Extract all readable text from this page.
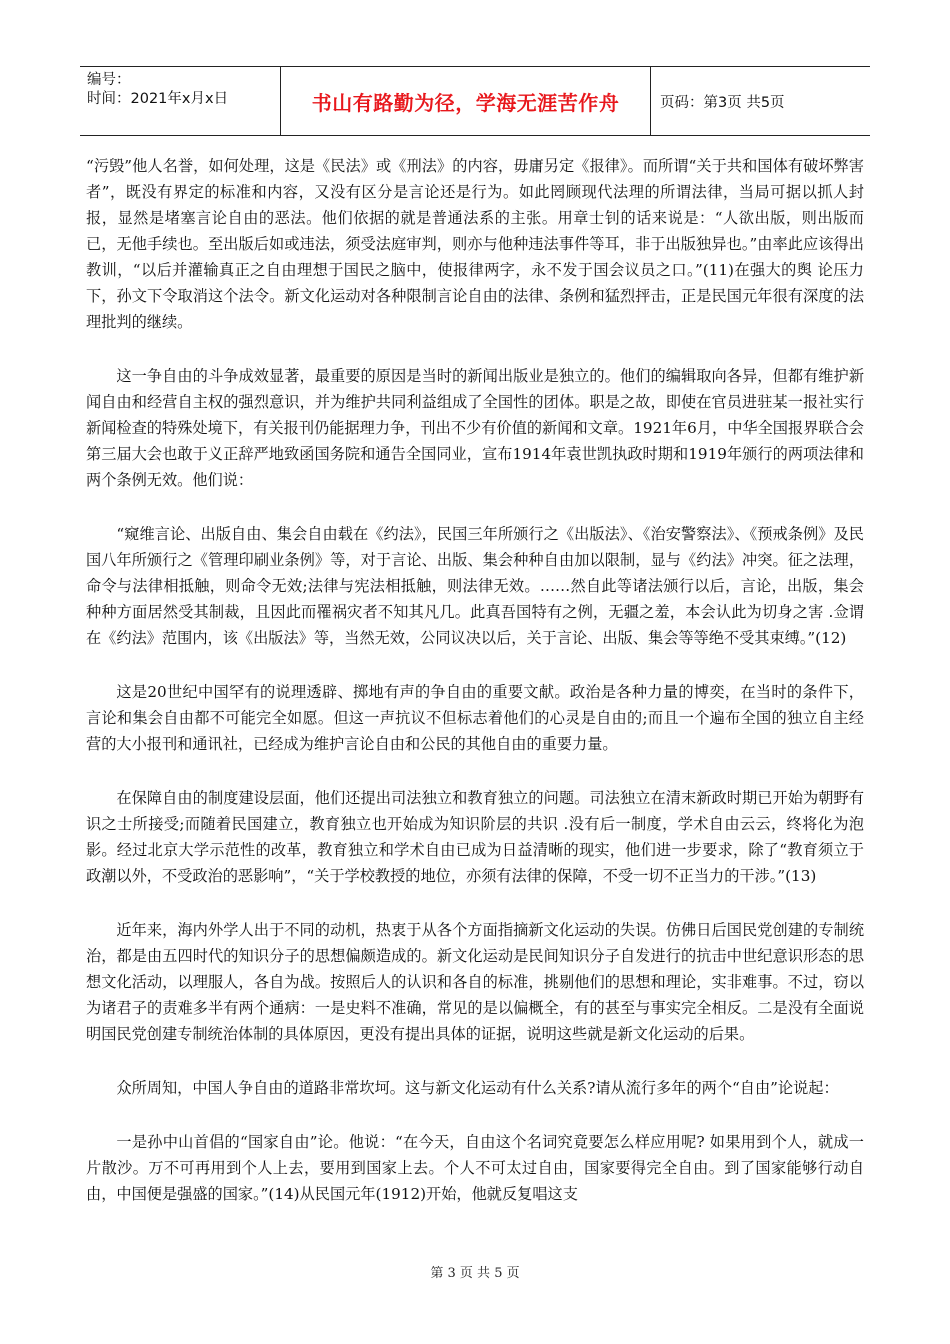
编号：
时间：2021年x月x日	书山有路勤为径，学海无涯苦作舟	页码：第3页 共5页

“污毁”他人名誉，如何处理，这是《民法》或《刑法》的内容，毋庸另定《报律》。而所谓“关于共和国体有破坏弊害者”，既没有界定的标准和内容，又没有区分是言论还是行为。如此罔顾现代法理的所谓法律，当局可据以抓人封报，显然是堵塞言论自由的恶法。他们依据的就是普通法系的主张。用章士钊的话来说是：“人欲出版，则出版而已，无他手续也。至出版后如或违法，须受法庭审判，则亦与他种违法事件等耳，非于出版独异也。”由率此应该得出教训，“以后并灌输真正之自由理想于国民之脑中，使报律两字，永不发于国会议员之口。”(11)在强大的舆 论压力下，孙文下令取消这个法令。新文化运动对各种限制言论自由的法律、条例和猛烈抨击，正是民国元年很有深度的法理批判的继续。

这一争自由的斗争成效显著，最重要的原因是当时的新闻出版业是独立的。他们的编辑取向各异，但都有维护新闻自由和经营自主权的强烈意识，并为维护共同利益组成了全国性的团体。职是之故，即使在官员进驻某一报社实行新闻检查的特殊处境下，有关报刊仍能据理力争，刊出不少有价值的新闻和文章。1921年6月，中华全国报界联合会第三届大会也敢于义正辞严地致函国务院和通告全国同业，宣布1914年袁世凯执政时期和1919年颁行的两项法律和两个条例无效。他们说：

“窥维言论、出版自由、集会自由载在《约法》，民国三年所颁行之《出版法》、《治安警察法》、《预戒条例》及民国八年所颁行之《管理印刷业条例》等，对于言论、出版、集会种种自由加以限制，显与《约法》冲突。征之法理，命令与法律相抵触，则命令无效;法律与宪法相抵触，则法律无效。……然自此等诸法颁行以后，言论，出版，集会种种方面居然受其制裁，且因此而罹祸灾者不知其凡几。此真吾国特有之例，无疆之羞，本会认此为切身之害 .佥谓在《约法》范围内，该《出版法》等，当然无效，公同议决以后，关于言论、出版、集会等等绝不受其束缚。”(12)

这是20世纪中国罕有的说理透辟、掷地有声的争自由的重要文献。政治是各种力量的博奕，在当时的条件下，言论和集会自由都不可能完全如愿。但这一声抗议不但标志着他们的心灵是自由的;而且一个遍布全国的独立自主经营的大小报刊和通讯社，已经成为维护言论自由和公民的其他自由的重要力量。

在保障自由的制度建设层面，他们还提出司法独立和教育独立的问题。司法独立在清末新政时期已开始为朝野有识之士所接受;而随着民国建立，教育独立也开始成为知识阶层的共识 .没有后一制度，学术自由云云，终将化为泡影。经过北京大学示范性的改革，教育独立和学术自由已成为日益清晰的现实，他们进一步要求，除了“教育须立于政潮以外，不受政治的恶影响”，“关于学校教授的地位，亦须有法律的保障，不受一切不正当力的干涉。”(13)

近年来，海内外学人出于不同的动机，热衷于从各个方面指摘新文化运动的失误。仿佛日后国民党创建的专制统治，都是由五四时代的知识分子的思想偏颇造成的。新文化运动是民间知识分子自发进行的抗击中世纪意识形态的思想文化活动，以理服人，各自为战。按照后人的认识和各自的标准，挑剔他们的思想和理论，实非难事。不过，窃以为诸君子的责难多半有两个通病：一是史料不准确，常见的是以偏概全，有的甚至与事实完全相反。二是没有全面说明国民党创建专制统治体制的具体原因，更没有提出具体的证据，说明这些就是新文化运动的后果。

众所周知，中国人争自由的道路非常坎坷。这与新文化运动有什么关系?请从流行多年的两个“自由”论说起：

一是孙中山首倡的“国家自由”论。他说：“在今天，自由这个名词究竟要怎么样应用呢? 如果用到个人，就成一片散沙。万不可再用到个人上去，要用到国家上去。个人不可太过自由，国家要得完全自由。到了国家能够行动自由，中国便是强盛的国家。”(14)从民国元年(1912)开始，他就反复唱这支

第 3 页 共 5 页
